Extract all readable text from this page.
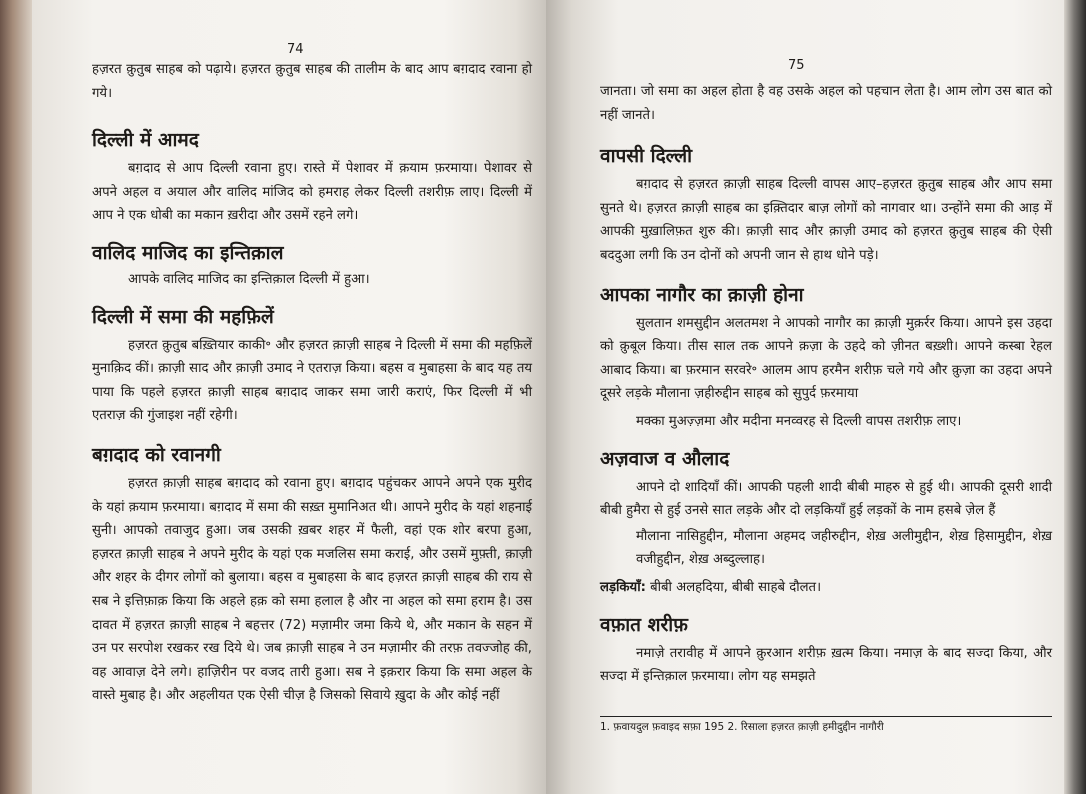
74

हज़रत क़ुतुब साहब को पढ़ाये। हज़रत क़ुतुब साहब की तालीम के बाद आप बग़दाद रवाना हो गये।

दिल्ली में आमद

बग़दाद से आप दिल्ली रवाना हुए। रास्ते में पेशावर में क़याम फ़रमाया। पेशावर से अपने अहल व अयाल और वालिद मांजिद को हमराह लेकर दिल्ली तशरीफ़ लाए। दिल्ली में आप ने एक धोबी का मकान ख़रीदा और उसमें रहने लगे।

वालिद माजिद का इन्तिक़ाल

आपके वालिद माजिद का इन्तिक़ाल दिल्ली में हुआ।

दिल्ली में समा की महफ़िलें

हज़रत क़ुतुब बख़्तियार काकी‍॰ और हज़रत क़ाज़ी साहब ने दिल्ली में समा की महफ़िलें मुनाक़िद कीं। क़ाज़ी साद और क़ाज़ी उमाद ने एतराज़ किया। बहस व मुबाहसा के बाद यह तय पाया कि पहले हज़रत क़ाज़ी साहब बग़दाद जाकर समा जारी कराएं, फिर दिल्ली में भी एतराज़ की गुंजाइश नहीं रहेगी।

बग़दाद को रवानगी

हज़रत क़ाज़ी साहब बग़दाद को रवाना हुए। बग़दाद पहुंचकर आपने अपने एक मुरीद के यहां क़याम फ़रमाया। बग़दाद में समा की सख़्त मुमानिअत थी। आपने मुरीद के यहां शहनाई सुनी। आपको तवाजुद हुआ। जब उसकी ख़बर शहर में फैली, वहां एक शोर बरपा हुआ, हज़रत क़ाज़ी साहब ने अपने मुरीद के यहां एक मजलिस समा कराई, और उसमें मुफ़्ती, क़ाज़ी और शहर के दीगर लोगों को बुलाया। बहस व मुबाहसा के बाद हज़रत क़ाज़ी साहब की राय से सब ने इत्तिफ़ाक़ किया कि अहले हक़ को समा हलाल है और ना अहल को समा हराम है। उस दावत में हज़रत क़ाज़ी साहब ने बहत्तर (72) मज़ामीर जमा किये थे, और मकान के सहन में उन पर सरपोश रखकर रख दिये थे। जब क़ाज़ी साहब ने उन मज़ामीर की तरफ़ तवज्जोह की, वह आवाज़ देने लगे। हाज़िरीन पर वजद तारी हुआ। सब ने इक़रार किया कि समा अहल के वास्ते मुबाह है। और अहलीयत एक ऐसी चीज़ है जिसको सिवाये ख़ुदा के और कोई नहीं

75

जानता। जो समा का अहल होता है वह उसके अहल को पहचान लेता है। आम लोग उस बात को नहीं जानते।

वापसी दिल्ली

बग़दाद से हज़रत क़ाज़ी साहब दिल्ली वापस आए–हज़रत क़ुतुब साहब और आप समा सुनते थे। हज़रत क़ाज़ी साहब का इक़्तिदार बाज़ लोगों को नागवार था। उन्होंने समा की आड़ में आपकी मुख़ालिफ़त शुरु की। क़ाज़ी साद और क़ाज़ी उमाद को हज़रत क़ुतुब साहब की ऐसी बददुआ लगी कि उन दोनों को अपनी जान से हाथ धोने पड़े।

आपका नागौर का क़ाज़ी होना

सुलतान शमसुद्दीन अलतमश ने आपको नागौर का क़ाज़ी मुक़र्रर किया। आपने इस उहदा को क़ुबूल किया। तीस साल तक आपने क़ज़ा के उहदे को ज़ीनत बख़्शी। आपने कस्बा रेहल आबाद किया। बा फ़रमान सरवरे॰ आलम आप हरमैन शरीफ़ चले गये और क़ुज़ा का उहदा अपने दूसरे लड़के मौलाना ज़हीरुद्दीन साहब को सुपुर्द फ़रमाया

मक्का मुअज़्ज़मा और मदीना मनव्वरह से दिल्ली वापस तशरीफ़ लाए।

अज़वाज व औलाद

आपने दो शादियाँ कीं। आपकी पहली शादी बीबी माहरु से हुई थी। आपकी दूसरी शादी बीबी हुमैरा से हुई उनसे सात लड़के और दो लड़कियाँ हुई लड़कों के नाम हसबे ज़ेल हैं

मौलाना नासिहुद्दीन, मौलाना अहमद जहीरुद्दीन, शेख़ अलीमुद्दीन, शेख़ हिसामुद्दीन, शेख़ वजीहुद्दीन, शेख़ अब्दुल्लाह।

लड़कियाँ: बीबी अलहदिया, बीबी साहबे दौलत।

वफ़ात शरीफ़

नमाज़े तरावीह में आपने क़ुरआन शरीफ़ ख़त्म किया। नमाज़ के बाद सज्दा किया, और सज्दा में इन्तिक़ाल फ़रमाया। लोग यह समझते

1. फ़वायदुल फ़वाइद सफ़ा 195 2. रिसाला हज़रत क़ाज़ी हमीदुद्दीन नागौरी
